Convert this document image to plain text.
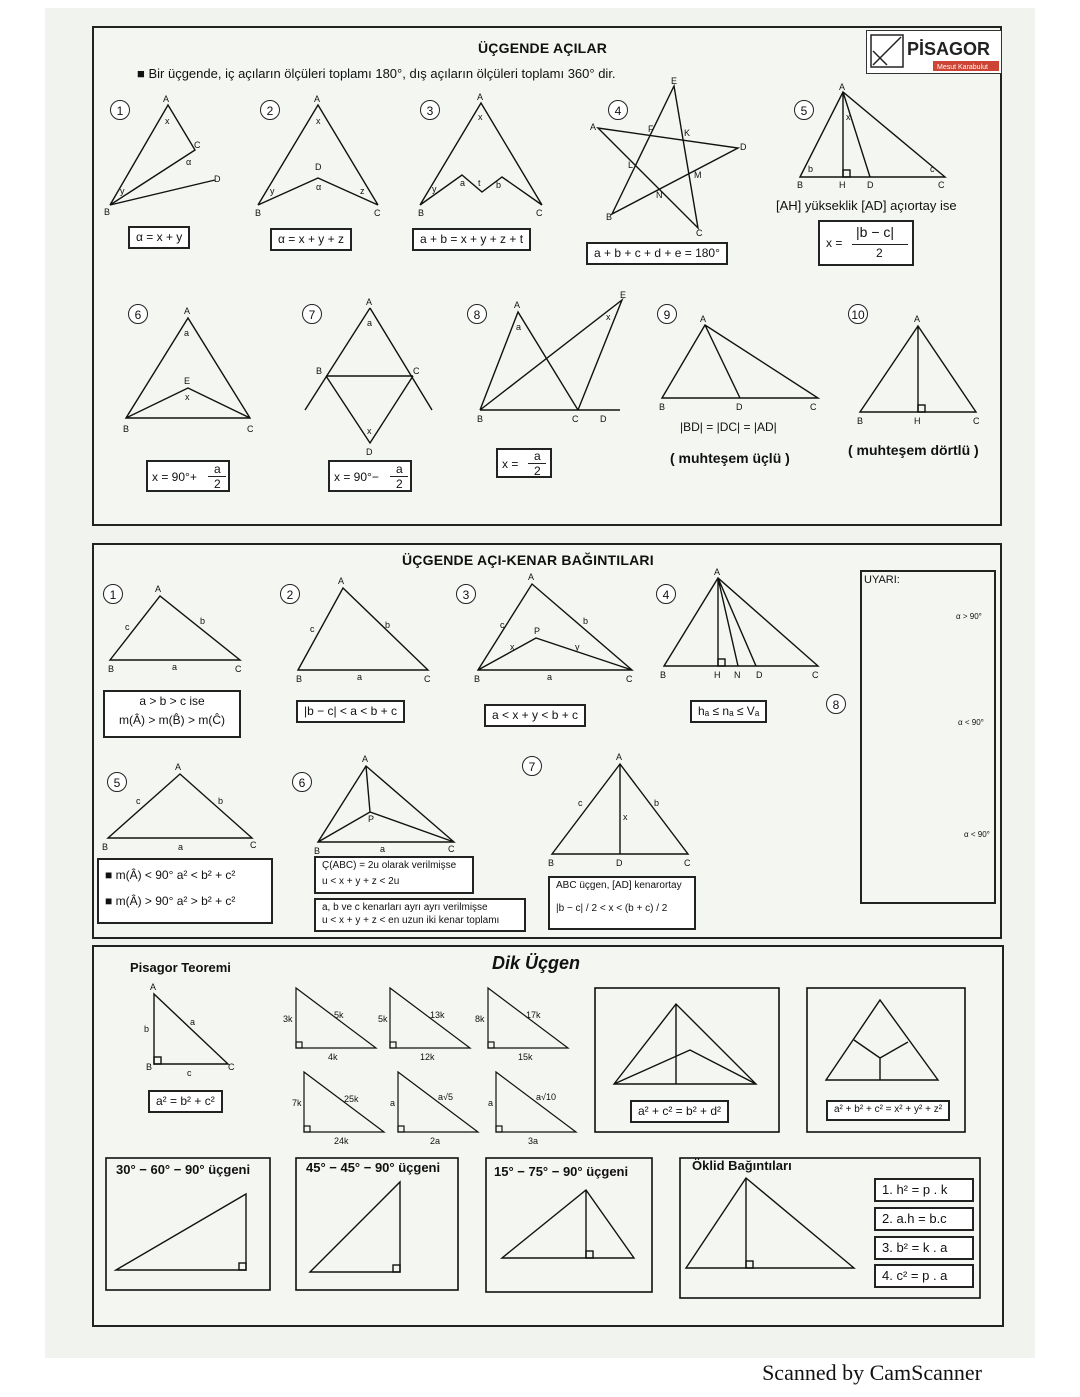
ÜÇGENDE AÇILAR
■ Bir üçgende, iç açıların ölçüleri toplamı 180°, dış açıların ölçüleri toplamı 360° dir.
PİSAGOR
Mesut Karabulut
1	2	3	4	5
6	7	8	9	10
A
B
C
D
α
x
y
A
B	C
D
α
x
y	z
A
B	C
x
y
a t b
E
A
D
B
C
F	K
L
M
N
A
B	H D	C
x
b	c
A
a
E
x
B	C
A
a
B	C
x
D
A
a
E
x
B	C D
A
B	D	C
A
B	H	C
α = x + y	α = x + y + z	a + b = x + y + z + t
a + b + c + d + e = 180°
[AH] yükseklik [AD] açıortay ise
x =
|b − c|
2
x = 90°+
a
2	x = 90°−
a
2
x =
a
2
|BD| = |DC| = |AD|
( muhteşem üçlü )	( muhteşem dörtlü )
ÜÇGENDE AÇI-KENAR BAĞINTILARI
1	2	3	4
5	6
7
8
A
B	C
c
b
a
A
B	C
c	b
a
A
B	C
P
c	b
x	y
a
A
B	H N D	C
A
B	C
c	b
a
A
B	C
P
a
A
B	D	C
c	b
x
a > b > c ise
m(Â) > m(B̂) > m(Ĉ)
|b − c| < a < b + c	a < x + y < b + c	hₐ ≤ nₐ ≤ Vₐ
■ m(Â) < 90° a² < b² + c²
■ m(Â) > 90° a² > b² + c²
Ç(ABC) = 2u olarak verilmişse
u < x + y + z < 2u
a, b ve c kenarları ayrı ayrı verilmişse
u < x + y + z < en uzun iki kenar toplamı
ABC üçgen, [AD] kenarortay
|b − c| / 2 < x < (b + c) / 2
UYARI:
α > 90°
α < 90°
α < 90°
Pisagor Teoremi	Dik Üçgen
A
B	C
b
a
c
a² = b² + c²
3k	5k
4k
5k	13k
12k
8k	17k
15k
7k	25k
24k
a
a√5
2a
a
a√10
3a
a² + c² = b² + d²	a² + b² + c² = x² + y² + z²
30° − 60° − 90° üçgeni	45° − 45° − 90° üçgeni	15° − 75° − 90° üçgeni	Öklid Bağıntıları
1. h² = p . k
2. a.h = b.c
3. b² = k . a
4. c² = p . a
Scanned by CamScanner
